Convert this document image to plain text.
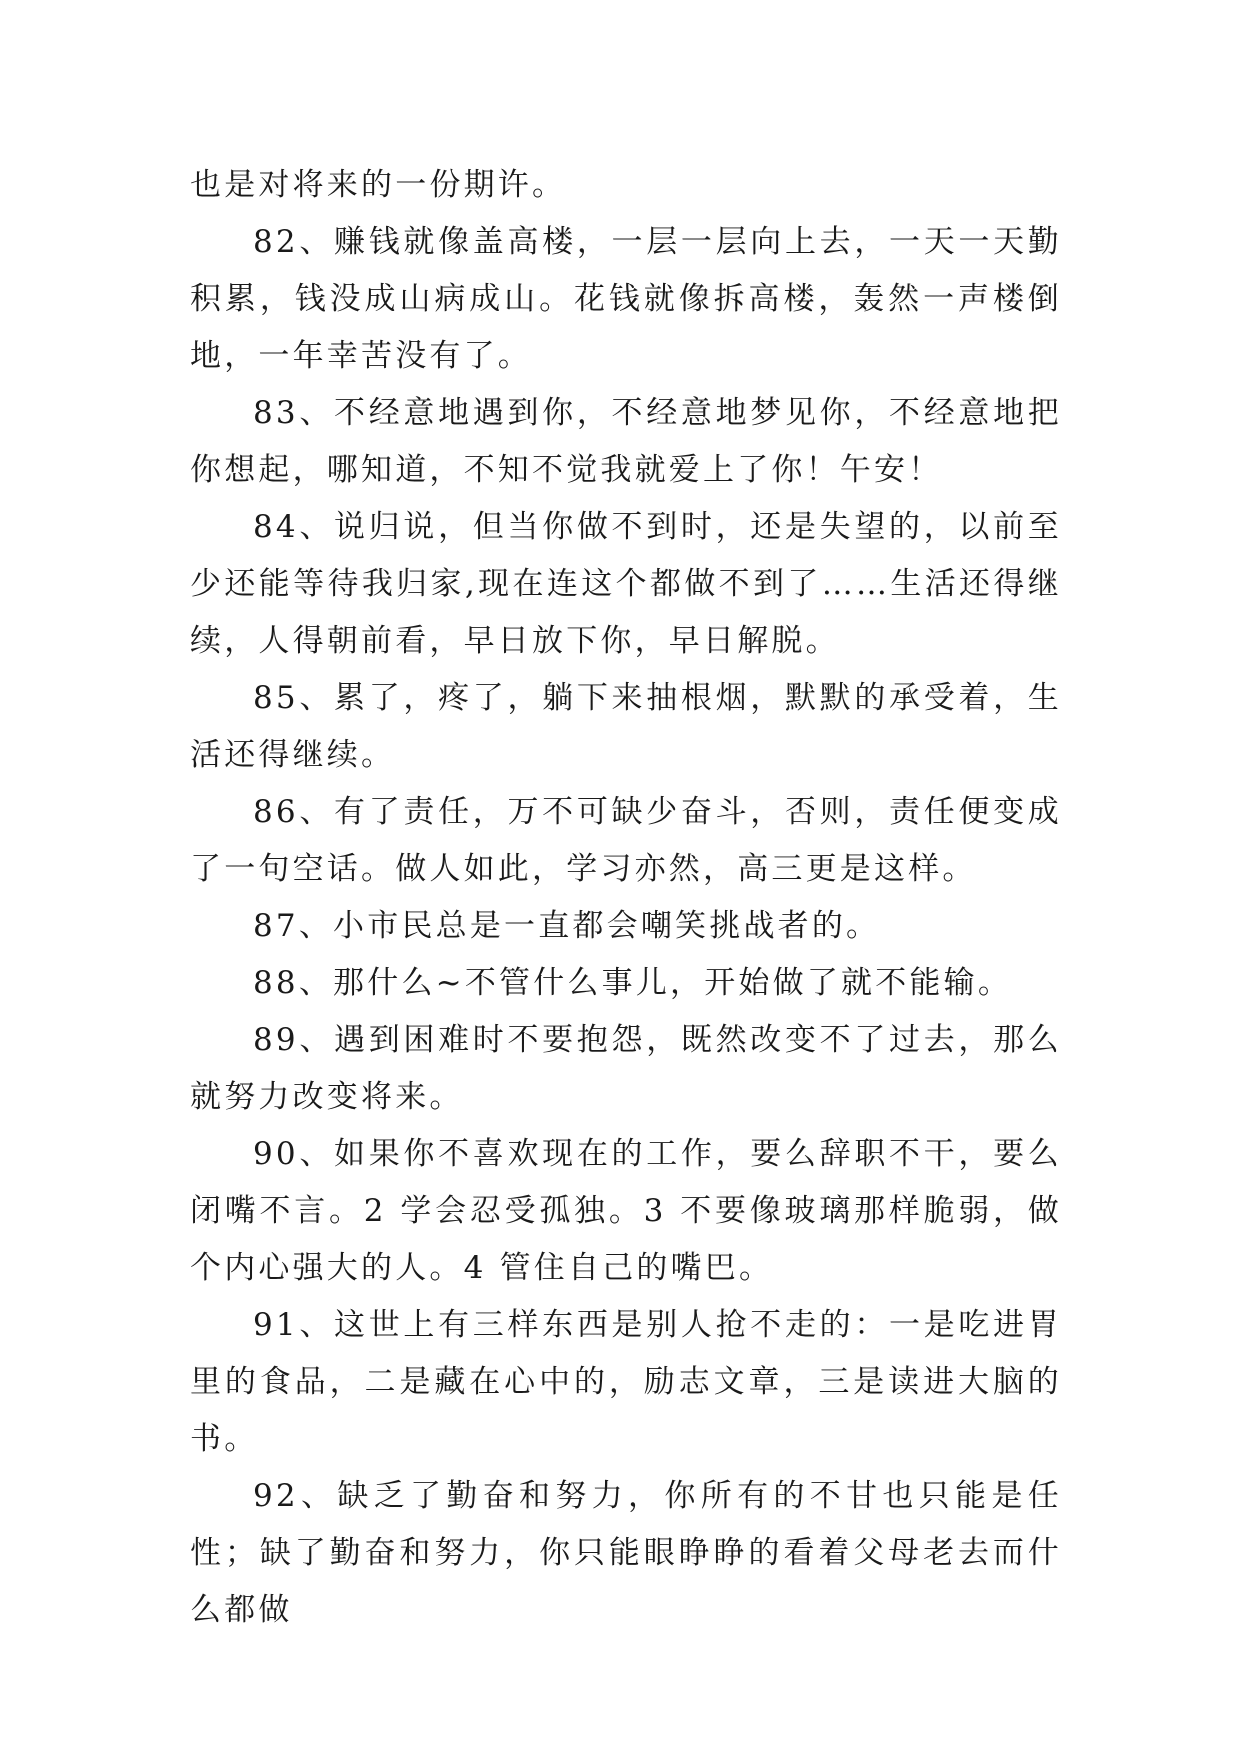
也是对将来的一份期许。

82、赚钱就像盖高楼，一层一层向上去，一天一天勤积累，钱没成山病成山。花钱就像拆高楼，轰然一声楼倒地，一年幸苦没有了。

83、不经意地遇到你，不经意地梦见你，不经意地把你想起，哪知道，不知不觉我就爱上了你！午安！

84、说归说，但当你做不到时，还是失望的，以前至少还能等待我归家,现在连这个都做不到了……生活还得继续，人得朝前看，早日放下你，早日解脱。

85、累了，疼了，躺下来抽根烟，默默的承受着，生活还得继续。

86、有了责任，万不可缺少奋斗，否则，责任便变成了一句空话。做人如此，学习亦然，高三更是这样。

87、小市民总是一直都会嘲笑挑战者的。

88、那什么~不管什么事儿，开始做了就不能输。

89、遇到困难时不要抱怨，既然改变不了过去，那么就努力改变将来。

90、如果你不喜欢现在的工作，要么辞职不干，要么闭嘴不言。2 学会忍受孤独。3 不要像玻璃那样脆弱，做个内心强大的人。4 管住自己的嘴巴。

91、这世上有三样东西是别人抢不走的：一是吃进胃里的食品，二是藏在心中的，励志文章，三是读进大脑的书。

92、缺乏了勤奋和努力，你所有的不甘也只能是任性；缺了勤奋和努力，你只能眼睁睁的看着父母老去而什么都做
